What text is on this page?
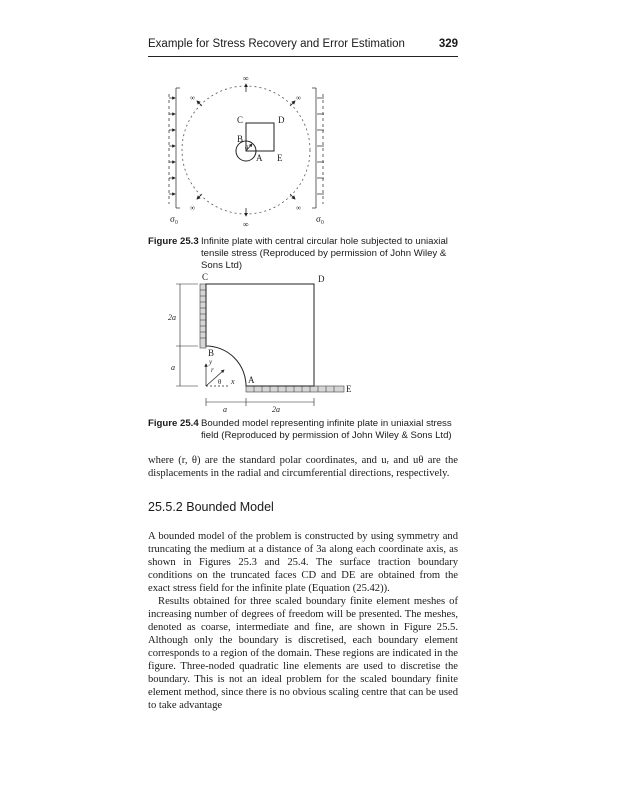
Example for Stress Recovery and Error Estimation	329
∞
∞
∞	∞
∞	∞
C	D
B
a
A E
σ₀	σ₀
Figure 25.3 Infinite plate with central circular hole subjected to uniaxial tensile stress (Reproduced by permission of John Wiley & Sons Ltd)
C	D
B
A
E
2a
a
a	2a
y
x
r
θ
Figure 25.4 Bounded model representing infinite plate in uniaxial stress field (Reproduced by permission of John Wiley & Sons Ltd)

where (r, θ) are the standard polar coordinates, and uᵣ and uθ are the displacements in the radial and circumferential directions, respectively.

25.5.2 Bounded Model

A bounded model of the problem is constructed by using symmetry and truncating the medium at a distance of 3a along each coordinate axis, as shown in Figures 25.3 and 25.4. The surface traction boundary conditions on the truncated faces CD and DE are obtained from the exact stress field for the infinite plate (Equation (25.42)).

Results obtained for three scaled boundary finite element meshes of increasing number of degrees of freedom will be presented. The meshes, denoted as coarse, intermediate and fine, are shown in Figure 25.5. Although only the boundary is discretised, each boundary element corresponds to a region of the domain. These regions are indicated in the figure. Three-noded quadratic line elements are used to discretise the boundary. This is not an ideal problem for the scaled boundary finite element method, since there is no obvious scaling centre that can be used to take advantage
